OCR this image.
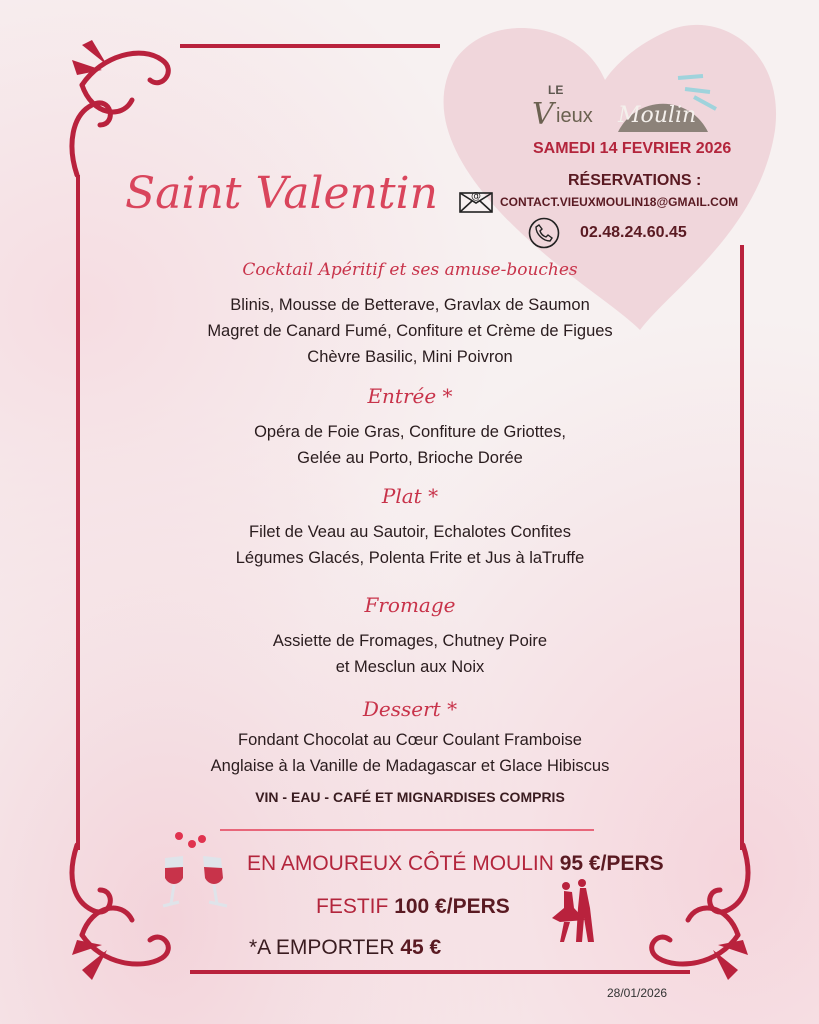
LE
V ieux Moulin
SAMEDI 14 FEVRIER 2026
RÉSERVATIONS :
@ CONTACT.VIEUXMOULIN18@GMAIL.COM
02.48.24.60.45
Saint Valentin
Cocktail Apéritif et ses amuse-bouches
Blinis, Mousse de Betterave, Gravlax de Saumon
Magret de Canard Fumé, Confiture et Crème de Figues
Chèvre Basilic, Mini Poivron
Entrée *
Opéra de Foie Gras, Confiture de Griottes,
Gelée au Porto, Brioche Dorée
Plat *
Filet de Veau au Sautoir, Echalotes Confites
Légumes Glacés, Polenta Frite et Jus à laTruffe
Fromage
Assiette de Fromages, Chutney Poire
et Mesclun aux Noix
Dessert *
Fondant Chocolat au Cœur Coulant Framboise
Anglaise à la Vanille de Madagascar et Glace Hibiscus
VIN - EAU - CAFÉ ET MIGNARDISES COMPRIS
EN AMOUREUX CÔTÉ MOULIN 95 €/PERS
FESTIF 100 €/PERS
*A EMPORTER 45 €
28/01/2026
